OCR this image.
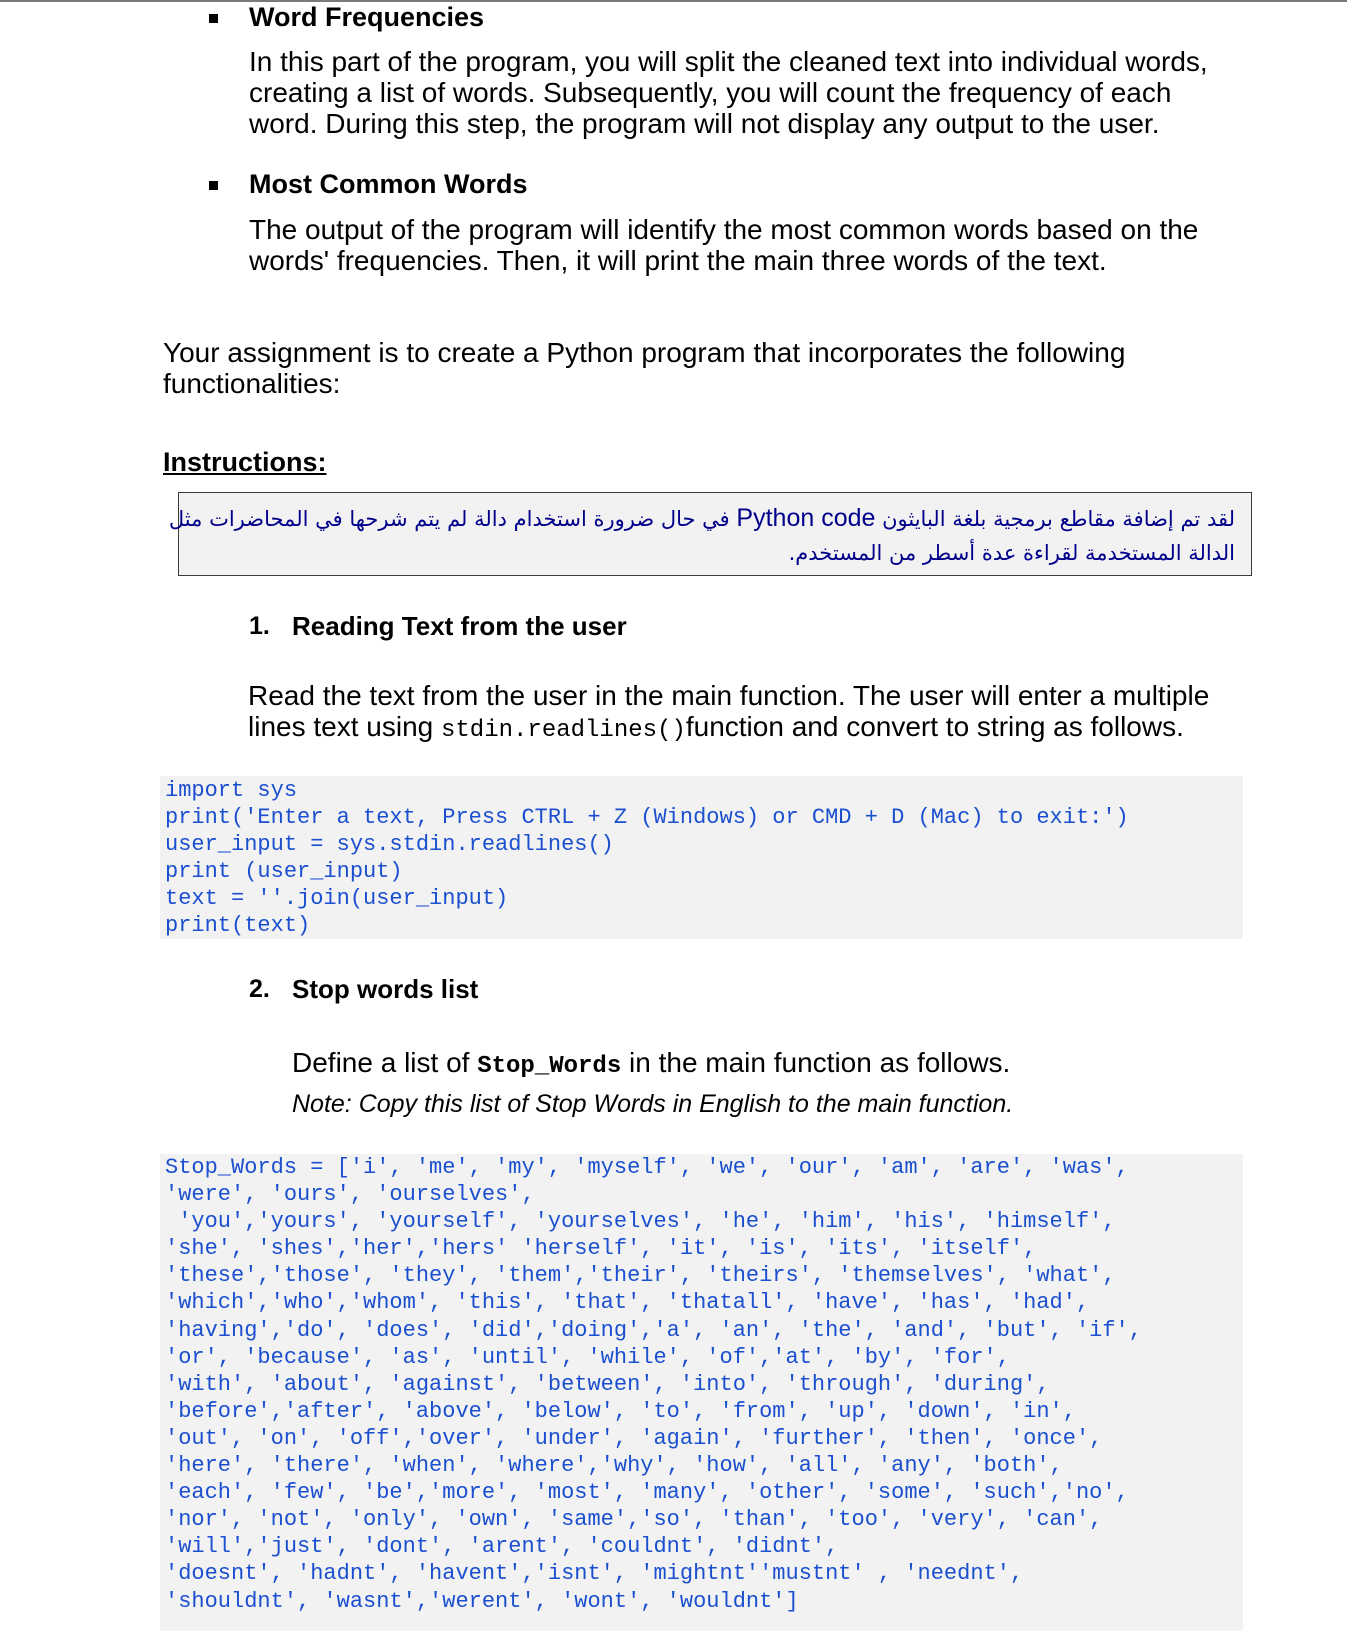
Word Frequencies
In this part of the program, you will split the cleaned text into individual words,
creating a list of words. Subsequently, you will count the frequency of each
word. During this step, the program will not display any output to the user.
Most Common Words
The output of the program will identify the most common words based on the
words' frequencies. Then, it will print the main three words of the text.
Your assignment is to create a Python program that incorporates the following
functionalities:
Instructions:
لقد تم إضافة مقاطع برمجية بلغة البايثون Python code في حال ضرورة استخدام دالة لم يتم شرحها في المحاضرات مثل
الدالة المستخدمة لقراءة عدة أسطر من المستخدم.
1. Reading Text from the user
Read the text from the user in the main function. The user will enter a multiple
lines text using stdin.readlines()function and convert to string as follows.
import sys
print('Enter a text, Press CTRL + Z (Windows) or CMD + D (Mac) to exit:')
user_input = sys.stdin.readlines()
print (user_input)
text = ''.join(user_input)
print(text)
2. Stop words list
Define a list of Stop_Words in the main function as follows.
Note: Copy this list of Stop Words in English to the main function.
Stop_Words = ['i', 'me', 'my', 'myself', 'we', 'our', 'am', 'are', 'was',
'were', 'ours', 'ourselves',
'you','yours', 'yourself', 'yourselves', 'he', 'him', 'his', 'himself',
'she', 'shes','her','hers' 'herself', 'it', 'is', 'its', 'itself',
'these','those', 'they', 'them','their', 'theirs', 'themselves', 'what',
'which','who','whom', 'this', 'that', 'thatall', 'have', 'has', 'had',
'having','do', 'does', 'did','doing','a', 'an', 'the', 'and', 'but', 'if',
'or', 'because', 'as', 'until', 'while', 'of','at', 'by', 'for',
'with', 'about', 'against', 'between', 'into', 'through', 'during',
'before','after', 'above', 'below', 'to', 'from', 'up', 'down', 'in',
'out', 'on', 'off','over', 'under', 'again', 'further', 'then', 'once',
'here', 'there', 'when', 'where','why', 'how', 'all', 'any', 'both',
'each', 'few', 'be','more', 'most', 'many', 'other', 'some', 'such','no',
'nor', 'not', 'only', 'own', 'same','so', 'than', 'too', 'very', 'can',
'will','just', 'dont', 'arent', 'couldnt', 'didnt',
'doesnt', 'hadnt', 'havent','isnt', 'mightnt''mustnt' , 'neednt',
'shouldnt', 'wasnt','werent', 'wont', 'wouldnt']
